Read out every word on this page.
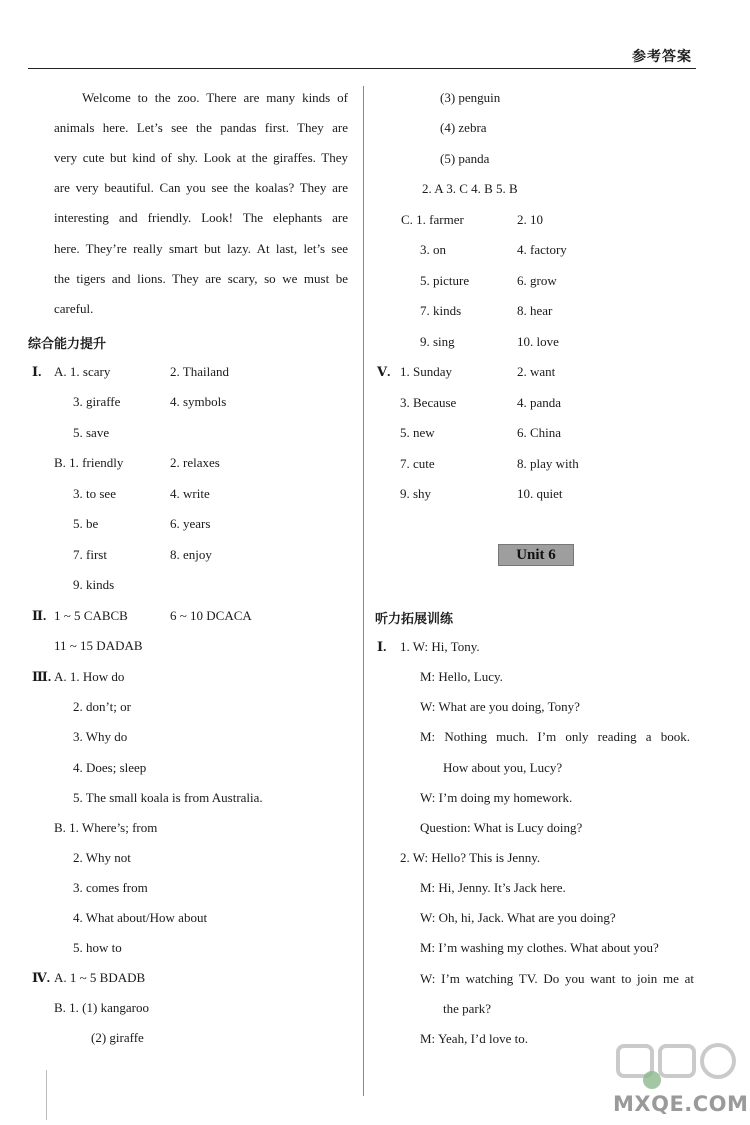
参考答案
Welcome to the zoo. There are many kinds of
animals here. Let’s see the pandas first. They are
very cute but kind of shy. Look at the giraffes. They
are very beautiful. Can you see the koalas? They are
interesting and friendly. Look! The elephants are
here. They’re really smart but lazy. At last, let’s see
the tigers and lions. They are scary, so we must be
careful.
综合能力提升
Ⅰ. A. 1. scary	2. Thailand
3. giraffe	4. symbols
5. save
B. 1. friendly	2. relaxes
3. to see	4. write
5. be	6. years
7. first	8. enjoy
9. kinds
Ⅱ. 1 ~ 5 CABCB	6 ~ 10 DCACA
11 ~ 15 DADAB
Ⅲ. A. 1. How do
2. don’t; or
3. Why do
4. Does; sleep
5. The small koala is from Australia.
B. 1. Where’s; from
2. Why not
3. comes from
4. What about/How about
5. how to
Ⅳ. A. 1 ~ 5 BDADB
B. 1. (1) kangaroo
(2) giraffe
(3) penguin
(4) zebra
(5) panda
2. A 3. C 4. B 5. B
C. 1. farmer	2. 10
3. on	4. factory
5. picture	6. grow
7. kinds	8. hear
9. sing	10. love
Ⅴ. 1. Sunday	2. want
3. Because	4. panda
5. new	6. China
7. cute	8. play with
9. shy	10. quiet
Unit 6
听力拓展训练
Ⅰ. 1. W: Hi, Tony.
M: Hello, Lucy.
W: What are you doing, Tony?
M: Nothing much. I’m only reading a book.
How about you, Lucy?
W: I’m doing my homework.
Question: What is Lucy doing?
2. W: Hello? This is Jenny.
M: Hi, Jenny. It’s Jack here.
W: Oh, hi, Jack. What are you doing?
M: I’m washing my clothes. What about you?
W: I’m watching TV. Do you want to join me at
the park?
M: Yeah, I’d love to.
MXQE.COM
